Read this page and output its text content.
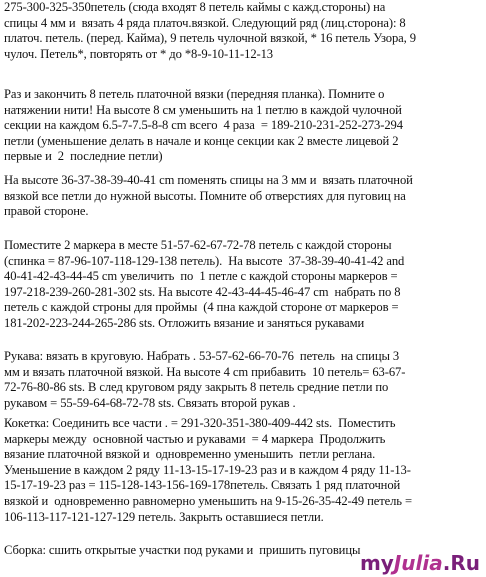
275-300-325-350петель (сюда входят 8 петель каймы с кажд.стороны) на
спицы 4 мм и  вязать 4 ряда платоч.вязкой. Следующий ряд (лиц.сторона): 8
платоч. петель. (перед. Кайма), 9 петель чулочной вязкой, * 16 петель Узора, 9
чулоч. Петель*, повторять от * до *8-9-10-11-12-13

Раз и закончить 8 петель платочной вязки (передняя планка). Помните о
натяжении нити! На высоте 8 см уменьшить на 1 петлю в каждой чулочной
секции на каждом 6.5-7-7.5-8-8 cm всего  4 раза  = 189-210-231-252-273-294
петли (уменьшение делать в начале и конце секции как 2 вместе лицевой 2
первые и  2  последние петли)

На высоте 36-37-38-39-40-41 cm поменять спицы на 3 мм и  вязать платочной
вязкой все петли до нужной высоты. Помните об отверстиях для пуговиц на
правой стороне.

Поместите 2 маркера в месте 51-57-62-67-72-78 петель с каждой стороны
(спинка = 87-96-107-118-129-138 петель).  На высоте  37-38-39-40-41-42 and
40-41-42-43-44-45 cm увеличить  по  1 петле с каждой стороны маркеров =
197-218-239-260-281-302 sts. На высоте 42-43-44-45-46-47 cm  набрать по 8
петель с каждой строны для проймы  (4 пна каждой стороне от маркеров =
181-202-223-244-265-286 sts. Отложить вязание и заняться рукавами

Рукава: вязать в круговую. Набрать . 53-57-62-66-70-76  петель  на спицы 3
мм и вязать платочной вязкой. На высоте 4 cm прибавить  10 петель= 63-67-
72-76-80-86 sts. В след круговом ряду закрыть 8 петель средние петли по
рукавом = 55-59-64-68-72-78 sts. Связать второй рукав .

Кокетка: Соединить все части . = 291-320-351-380-409-442 sts.  Поместить
маркеры между  основной частью и рукавами  = 4 маркера  Продолжить
вязание платочной вязкой и  одновременно уменьшить  петли реглана.
Уменьшение в каждом 2 ряду 11-13-15-17-19-23 раз и в каждом 4 ряду 11-13-
15-17-19-23 раз = 115-128-143-156-169-178петель. Связать 1 ряд платочной
вязкой и  одновременно равномерно уменьшить на 9-15-26-35-42-49 петель =
106-113-117-121-127-129 петель. Закрыть оставшиеся петли.

Сборка: сшить открытые участки под руками и  пришить пуговицы

myJulia.Ru
